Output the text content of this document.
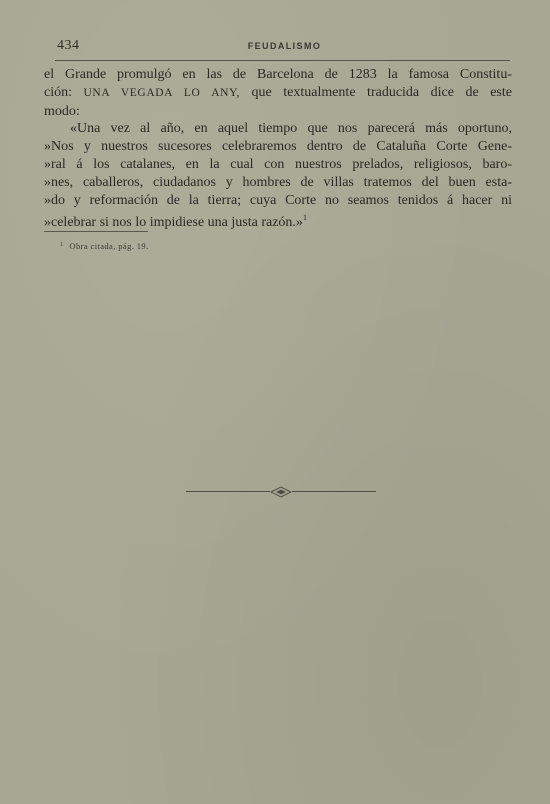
434	FEUDALISMO
el Grande promulgó en las de Barcelona de 1283 la famosa Constitu-
ción: UNA VEGADA LO ANY, que textualmente traducida dice de este
modo:
«Una vez al año, en aquel tiempo que nos parecerá más oportuno,
»Nos y nuestros sucesores celebraremos dentro de Cataluña Corte Gene-
»ral á los catalanes, en la cual con nuestros prelados, religiosos, baro-
»nes, caballeros, ciudadanos y hombres de villas tratemos del buen esta-
»do y reformación de la tierra; cuya Corte no seamos tenidos á hacer ni
»celebrar si nos lo impidiese una justa razón.»$^1$
$^1$ Obra citada, pág. 19.
